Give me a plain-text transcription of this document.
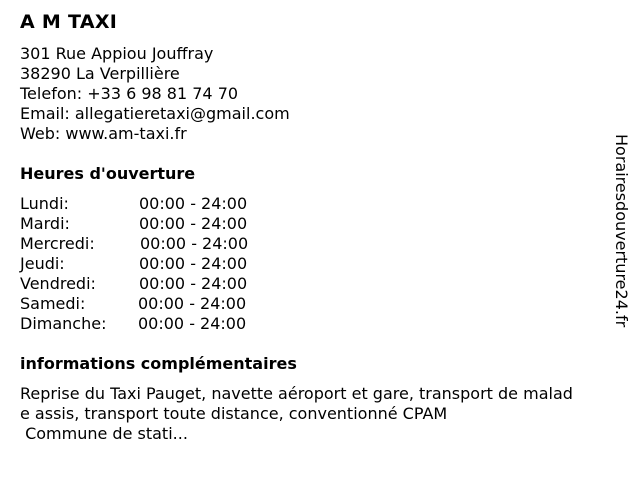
A M TAXI
301 Rue Appiou Jouffray
38290 La Verpillière
Telefon: +33 6 98 81 74 70
Email: allegatieretaxi@gmail.com
Web: www.am-taxi.fr
Heures d'ouverture
Lundi:	00:00 - 24:00
Mardi:	00:00 - 24:00
Mercredi:	00:00 - 24:00
Jeudi:	00:00 - 24:00
Vendredi:	00:00 - 24:00
Samedi:	00:00 - 24:00
Dimanche: 00:00 - 24:00
informations complémentaires
Reprise du Taxi Pauget, navette aéroport et gare, transport de malad
e assis, transport toute distance, conventionné CPAM
Commune de stati...
Horairesdouverture24.fr
